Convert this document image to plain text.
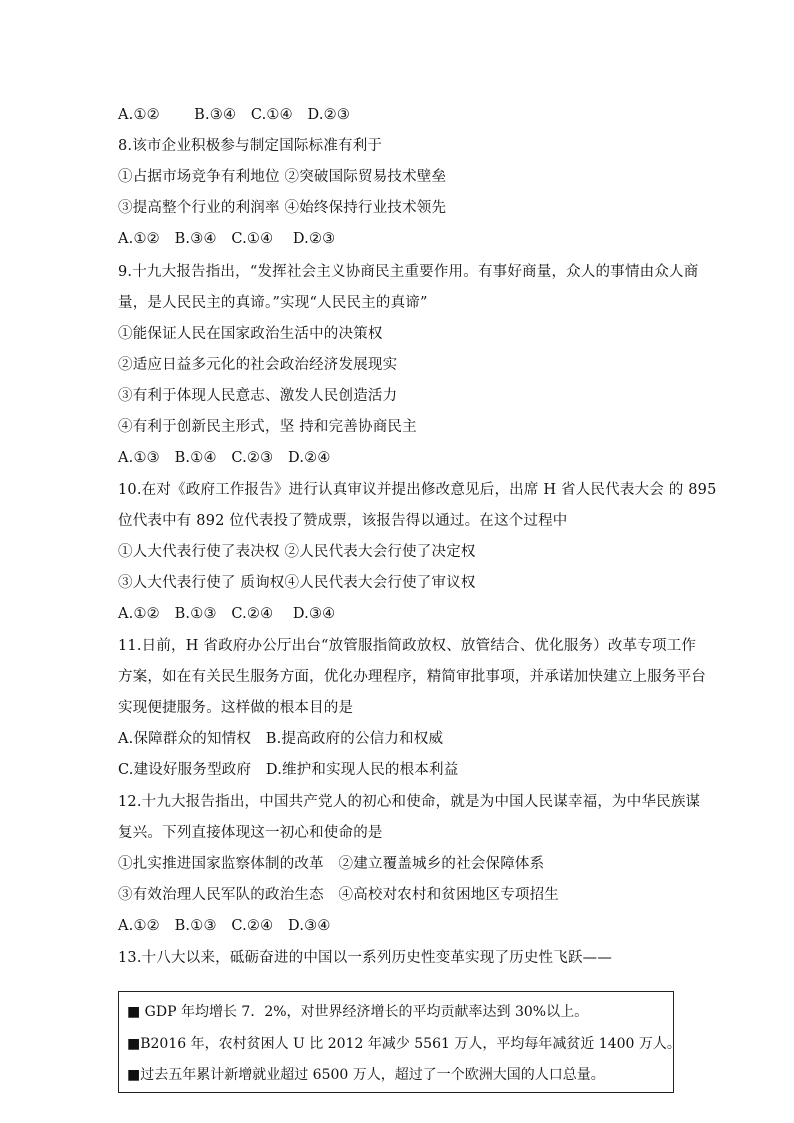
A.①②　　 B.③④　C.①④　D.②③
8.该市企业积极参与制定国际标准有利于
①占据市场竞争有利地位 ②突破国际贸易技术壁垒
③提高整个行业的利润率 ④始终保持行业技术领先
A.①②　B.③④　C.①④　 D.②③
9.十九大报告指出，“发挥社会主义协商民主重要作用。有事好商量，众人的事情由众人商
量，是人民民主的真谛。”实现“人民民主的真谛”
①能保证人民在国家政治生活中的决策权
②适应日益多元化的社会政治经济发展现实
③有利于体现人民意志、激发人民创造活力
④有利于创新民主形式，坚 持和完善协商民主
A.①③　B.①④　C.②③　D.②④
10.在对《政府工作报告》进行认真审议并提出修改意见后，出席 H 省人民代表大会 的 895
位代表中有 892 位代表投了赞成票，该报告得以通过。在这个过程中
①人大代表行使了表决权 ②人民代表大会行使了决定权
③人大代表行使了 质询权④人民代表大会行使了审议权
A.①②　B.①③　C.②④　 D.③④
11.日前，H 省政府办公厅出台“放管服指简政放权、放管结合、优化服务）改革专项工作
方案，如在有关民生服务方面，优化办理程序，精简审批事项，并承诺加快建立上服务平台
实现便捷服务。这样做的根本目的是
A.保障群众的知情权　B.提高政府的公信力和权威
C.建设好服务型政府　D.维护和实现人民的根本利益
12.十九大报告指出，中国共产党人的初心和使命，就是为中国人民谋幸福，为中华民族谋
复兴。下列直接体现这一初心和使命的是
①扎实推进国家监察体制的改革　②建立覆盖城乡的社会保障体系
③有效治理人民军队的政治生态　④高校对农村和贫困地区专项招生
A.①②　B.①③　C.②④　D.③④
13.十八大以来，砥砺奋进的中国以一系列历史性变革实现了历史性飞跃——
■ GDP 年均增长 7．2%，对世界经济增长的平均贡献率达到 30%以上。
■B2016 年，农村贫困人 U 比 2012 年减少 5561 万人，平均每年减贫近 1400 万人。
■过去五年累计新增就业超过 6500 万人，超过了一个欧洲大国的人口总量。
